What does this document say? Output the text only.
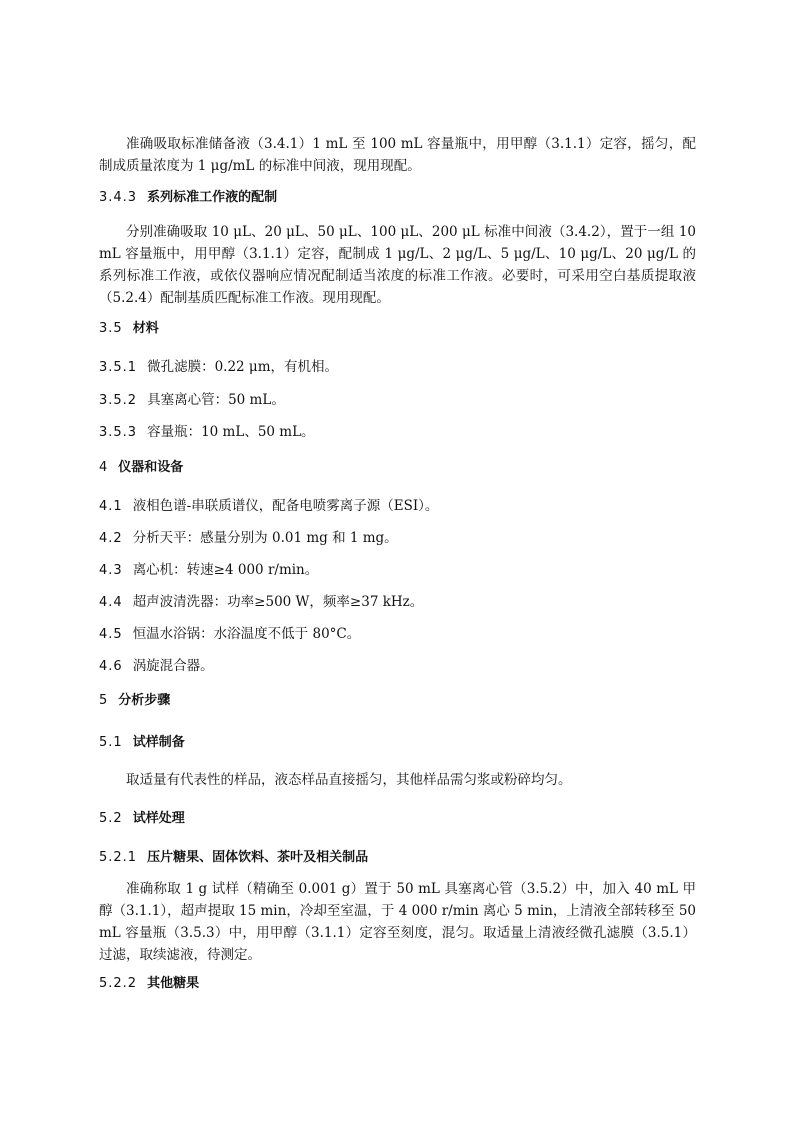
准确吸取标准储备液（3.4.1）1 mL 至 100 mL 容量瓶中，用甲醇（3.1.1）定容，摇匀，配制成质量浓度为 1 μg/mL 的标准中间液，现用现配。

3.4.3 系列标准工作液的配制

分别准确吸取 10 μL、20 μL、50 μL、100 μL、200 μL 标准中间液（3.4.2），置于一组 10 mL 容量瓶中，用甲醇（3.1.1）定容，配制成 1 μg/L、2 μg/L、5 μg/L、10 μg/L、20 μg/L 的系列标准工作液，或依仪器响应情况配制适当浓度的标准工作液。必要时，可采用空白基质提取液（5.2.4）配制基质匹配标准工作液。现用现配。

3.5 材料
3.5.1 微孔滤膜：0.22 μm，有机相。
3.5.2 具塞离心管：50 mL。
3.5.3 容量瓶：10 mL、50 mL。
4 仪器和设备
4.1 液相色谱-串联质谱仪，配备电喷雾离子源（ESI）。
4.2 分析天平：感量分别为 0.01 mg 和 1 mg。
4.3 离心机：转速≥4 000 r/min。
4.4 超声波清洗器：功率≥500 W，频率≥37 kHz。
4.5 恒温水浴锅：水浴温度不低于 80°C。
4.6 涡旋混合器。
5 分析步骤
5.1 试样制备

取适量有代表性的样品，液态样品直接摇匀，其他样品需匀浆或粉碎均匀。

5.2 试样处理
5.2.1 压片糖果、固体饮料、茶叶及相关制品

准确称取 1 g 试样（精确至 0.001 g）置于 50 mL 具塞离心管（3.5.2）中，加入 40 mL 甲醇（3.1.1），超声提取 15 min，冷却至室温，于 4 000 r/min 离心 5 min，上清液全部转移至 50 mL 容量瓶（3.5.3）中，用甲醇（3.1.1）定容至刻度，混匀。取适量上清液经微孔滤膜（3.5.1）过滤，取续滤液，待测定。

5.2.2 其他糖果
